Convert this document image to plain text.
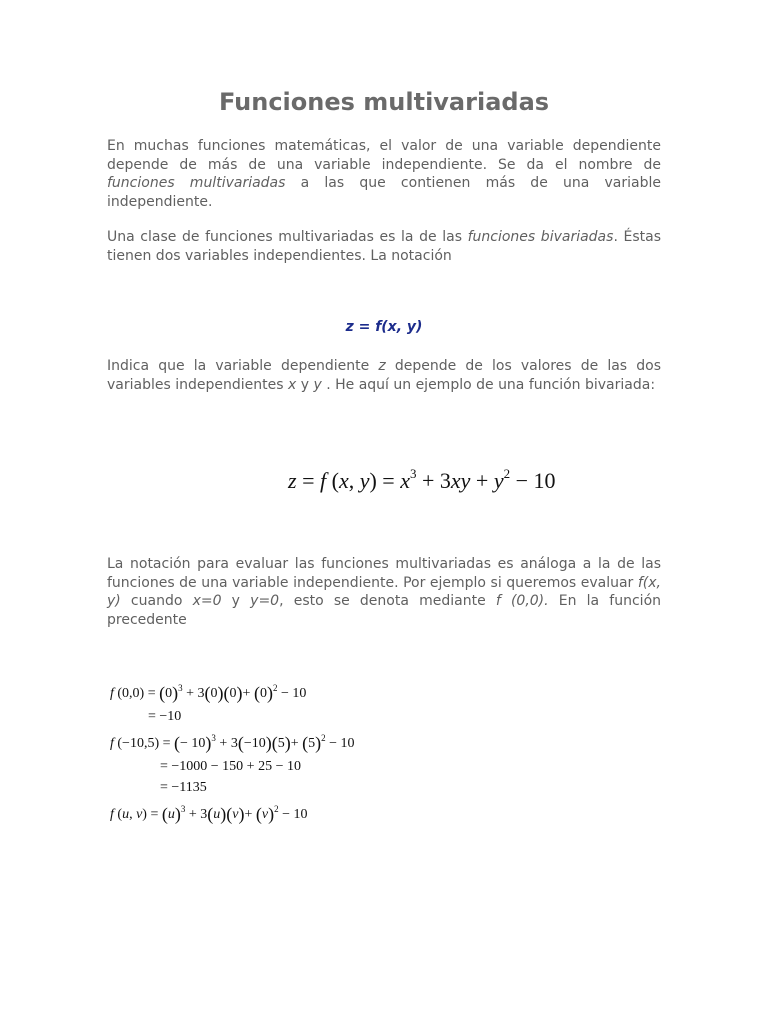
Funciones multivariadas

En muchas funciones matemáticas, el valor de una variable dependiente depende de más de una variable independiente. Se da el nombre de funciones multivariadas a las que contienen más de una variable independiente.

Una clase de funciones multivariadas es la de las funciones bivariadas. Éstas tienen dos variables independientes. La notación

z = f(x, y)

Indica que la variable dependiente z depende de los valores de las dos variables independientes x y y . He aquí un ejemplo de una función bivariada:

z = f (x, $y) = x^3 + 3xy + y^2 - 10$

La notación para evaluar las funciones multivariadas es análoga a la de las funciones de una variable independiente. Por ejemplo si queremos evaluar f(x, y) cuando x=0 y y=0, esto se denota mediante f (0,0). En la función precedente

f $(0,0) = (0)^3 + 3(0)(0)+ (0)^2 - 10$
= −10
f (−10,5) = (− $10)^3 + 3(-10)(5)+ (5)^2 - 10$
= −1000 − 150 + 25 − 10
= −1135
f (u, $v) = (u)^3 + 3(u)(v)+ (v)^2 - 10$
